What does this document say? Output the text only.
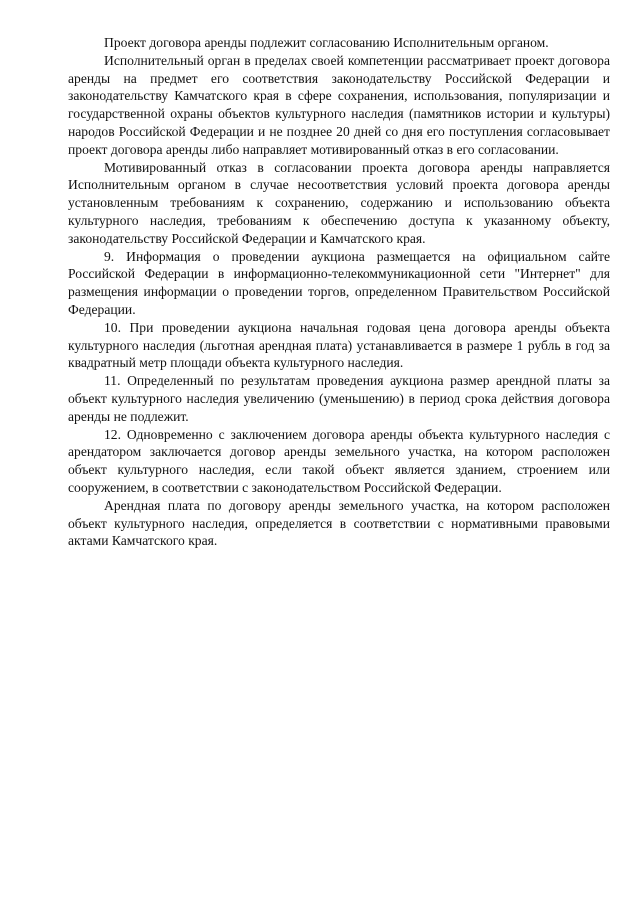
Проект договора аренды подлежит согласованию Исполнительным органом.

Исполнительный орган в пределах своей компетенции рассматривает проект договора аренды на предмет его соответствия законодательству Российской Федерации и законодательству Камчатского края в сфере сохранения, использования, популяризации и государственной охраны объектов культурного наследия (памятников истории и культуры) народов Российской Федерации и не позднее 20 дней со дня его поступления согласовывает проект договора аренды либо направляет мотивированный отказ в его согласовании.

Мотивированный отказ в согласовании проекта договора аренды направляется Исполнительным органом в случае несоответствия условий проекта договора аренды установленным требованиям к сохранению, содержанию и использованию объекта культурного наследия, требованиям к обеспечению доступа к указанному объекту, законодательству Российской Федерации и Камчатского края.

9. Информация о проведении аукциона размещается на официальном сайте Российской Федерации в информационно-телекоммуникационной сети "Интернет" для размещения информации о проведении торгов, определенном Правительством Российской Федерации.

10. При проведении аукциона начальная годовая цена договора аренды объекта культурного наследия (льготная арендная плата) устанавливается в размере 1 рубль в год за квадратный метр площади объекта культурного наследия.

11. Определенный по результатам проведения аукциона размер арендной платы за объект культурного наследия увеличению (уменьшению) в период срока действия договора аренды не подлежит.

12. Одновременно с заключением договора аренды объекта культурного наследия с арендатором заключается договор аренды земельного участка, на котором расположен объект культурного наследия, если такой объект является зданием, строением или сооружением, в соответствии с законодательством Российской Федерации.

Арендная плата по договору аренды земельного участка, на котором расположен объект культурного наследия, определяется в соответствии с нормативными правовыми актами Камчатского края.
